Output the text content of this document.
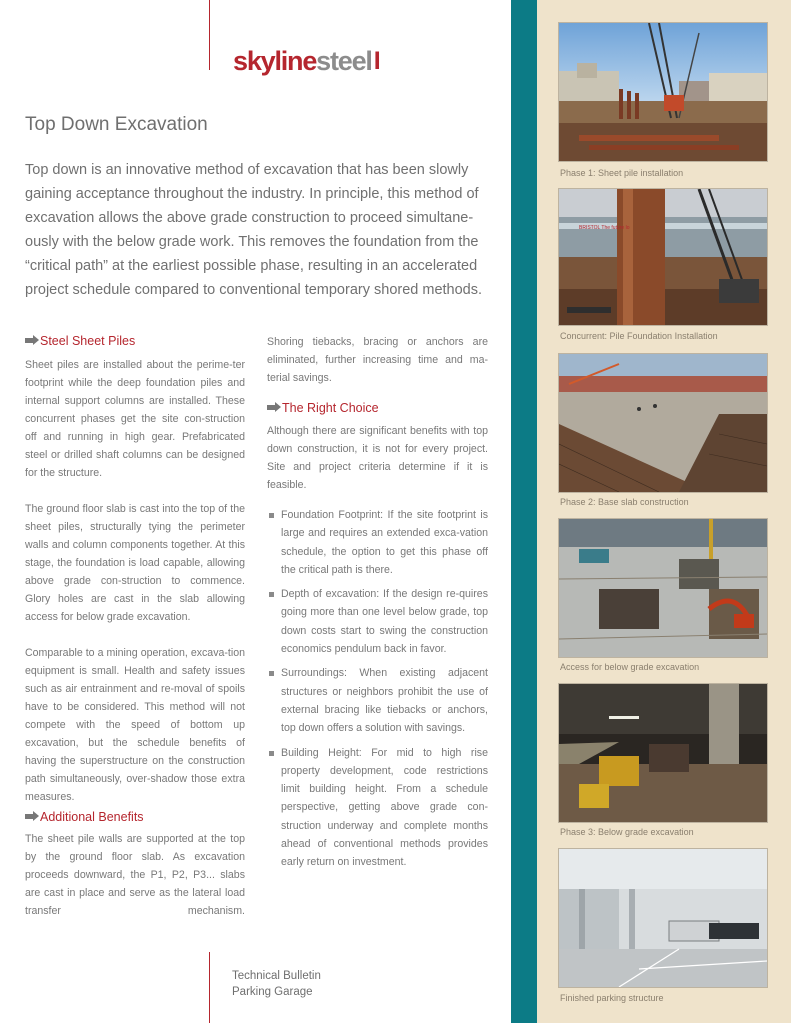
skylinesteelI
Top Down Excavation
Top down is an innovative method of excavation that has been slowly gaining acceptance throughout the industry. In principle, this method of excavation allows the above grade construction to proceed simultane-ously with the below grade work. This removes the foundation from the “critical path” at the earliest possible phase, resulting in an accelerated project schedule compared to conventional temporary shored methods.
Steel Sheet Piles

Sheet piles are installed about the perime-ter footprint while the deep foundation piles and internal support columns are installed. These concurrent phases get the site con-struction off and running in high gear. Prefabricated steel or drilled shaft columns can be designed for the structure.

The ground floor slab is cast into the top of the sheet piles, structurally tying the perimeter walls and column components together. At this stage, the foundation is load capable, allowing above grade con-struction to commence. Glory holes are cast in the slab allowing access for below grade excavation.

Comparable to a mining operation, excava-tion equipment is small. Health and safety issues such as air entrainment and re-moval of spoils have to be considered. This method will not compete with the speed of bottom up excavation, but the schedule benefits of having the superstructure on the construction path simultaneously, over-shadow those extra measures.

Additional Benefits

The sheet pile walls are supported at the top by the ground floor slab. As excavation proceeds downward, the P1, P2, P3... slabs are cast in place and serve as the lateral load transfer mechanism.

Shoring tiebacks, bracing or anchors are eliminated, further increasing time and ma-terial savings.

The Right Choice

Although there are significant benefits with top down construction, it is not for every project. Site and project criteria determine if it is feasible.

Foundation Footprint: If the site footprint is large and requires an extended exca-vation schedule, the option to get this phase off the critical path is there.
Depth of excavation: If the design re-quires going more than one level below grade, top down costs start to swing the construction economics pendulum back in favor.
Surroundings: When existing adjacent structures or neighbors prohibit the use of external bracing like tiebacks or anchors, top down offers a solution with savings.
Building Height: For mid to high rise property development, code restrictions limit building height. From a schedule perspective, getting above grade con-struction underway and complete months ahead of conventional methods provides early return on investment.
Technical Bulletin
Parking Garage
Phase 1: Sheet pile installation
BRISTOL The future lo
Concurrent: Pile Foundation Installation
Phase 2: Base slab construction
Access for below grade excavation
Phase 3: Below grade excavation
Finished parking structure
